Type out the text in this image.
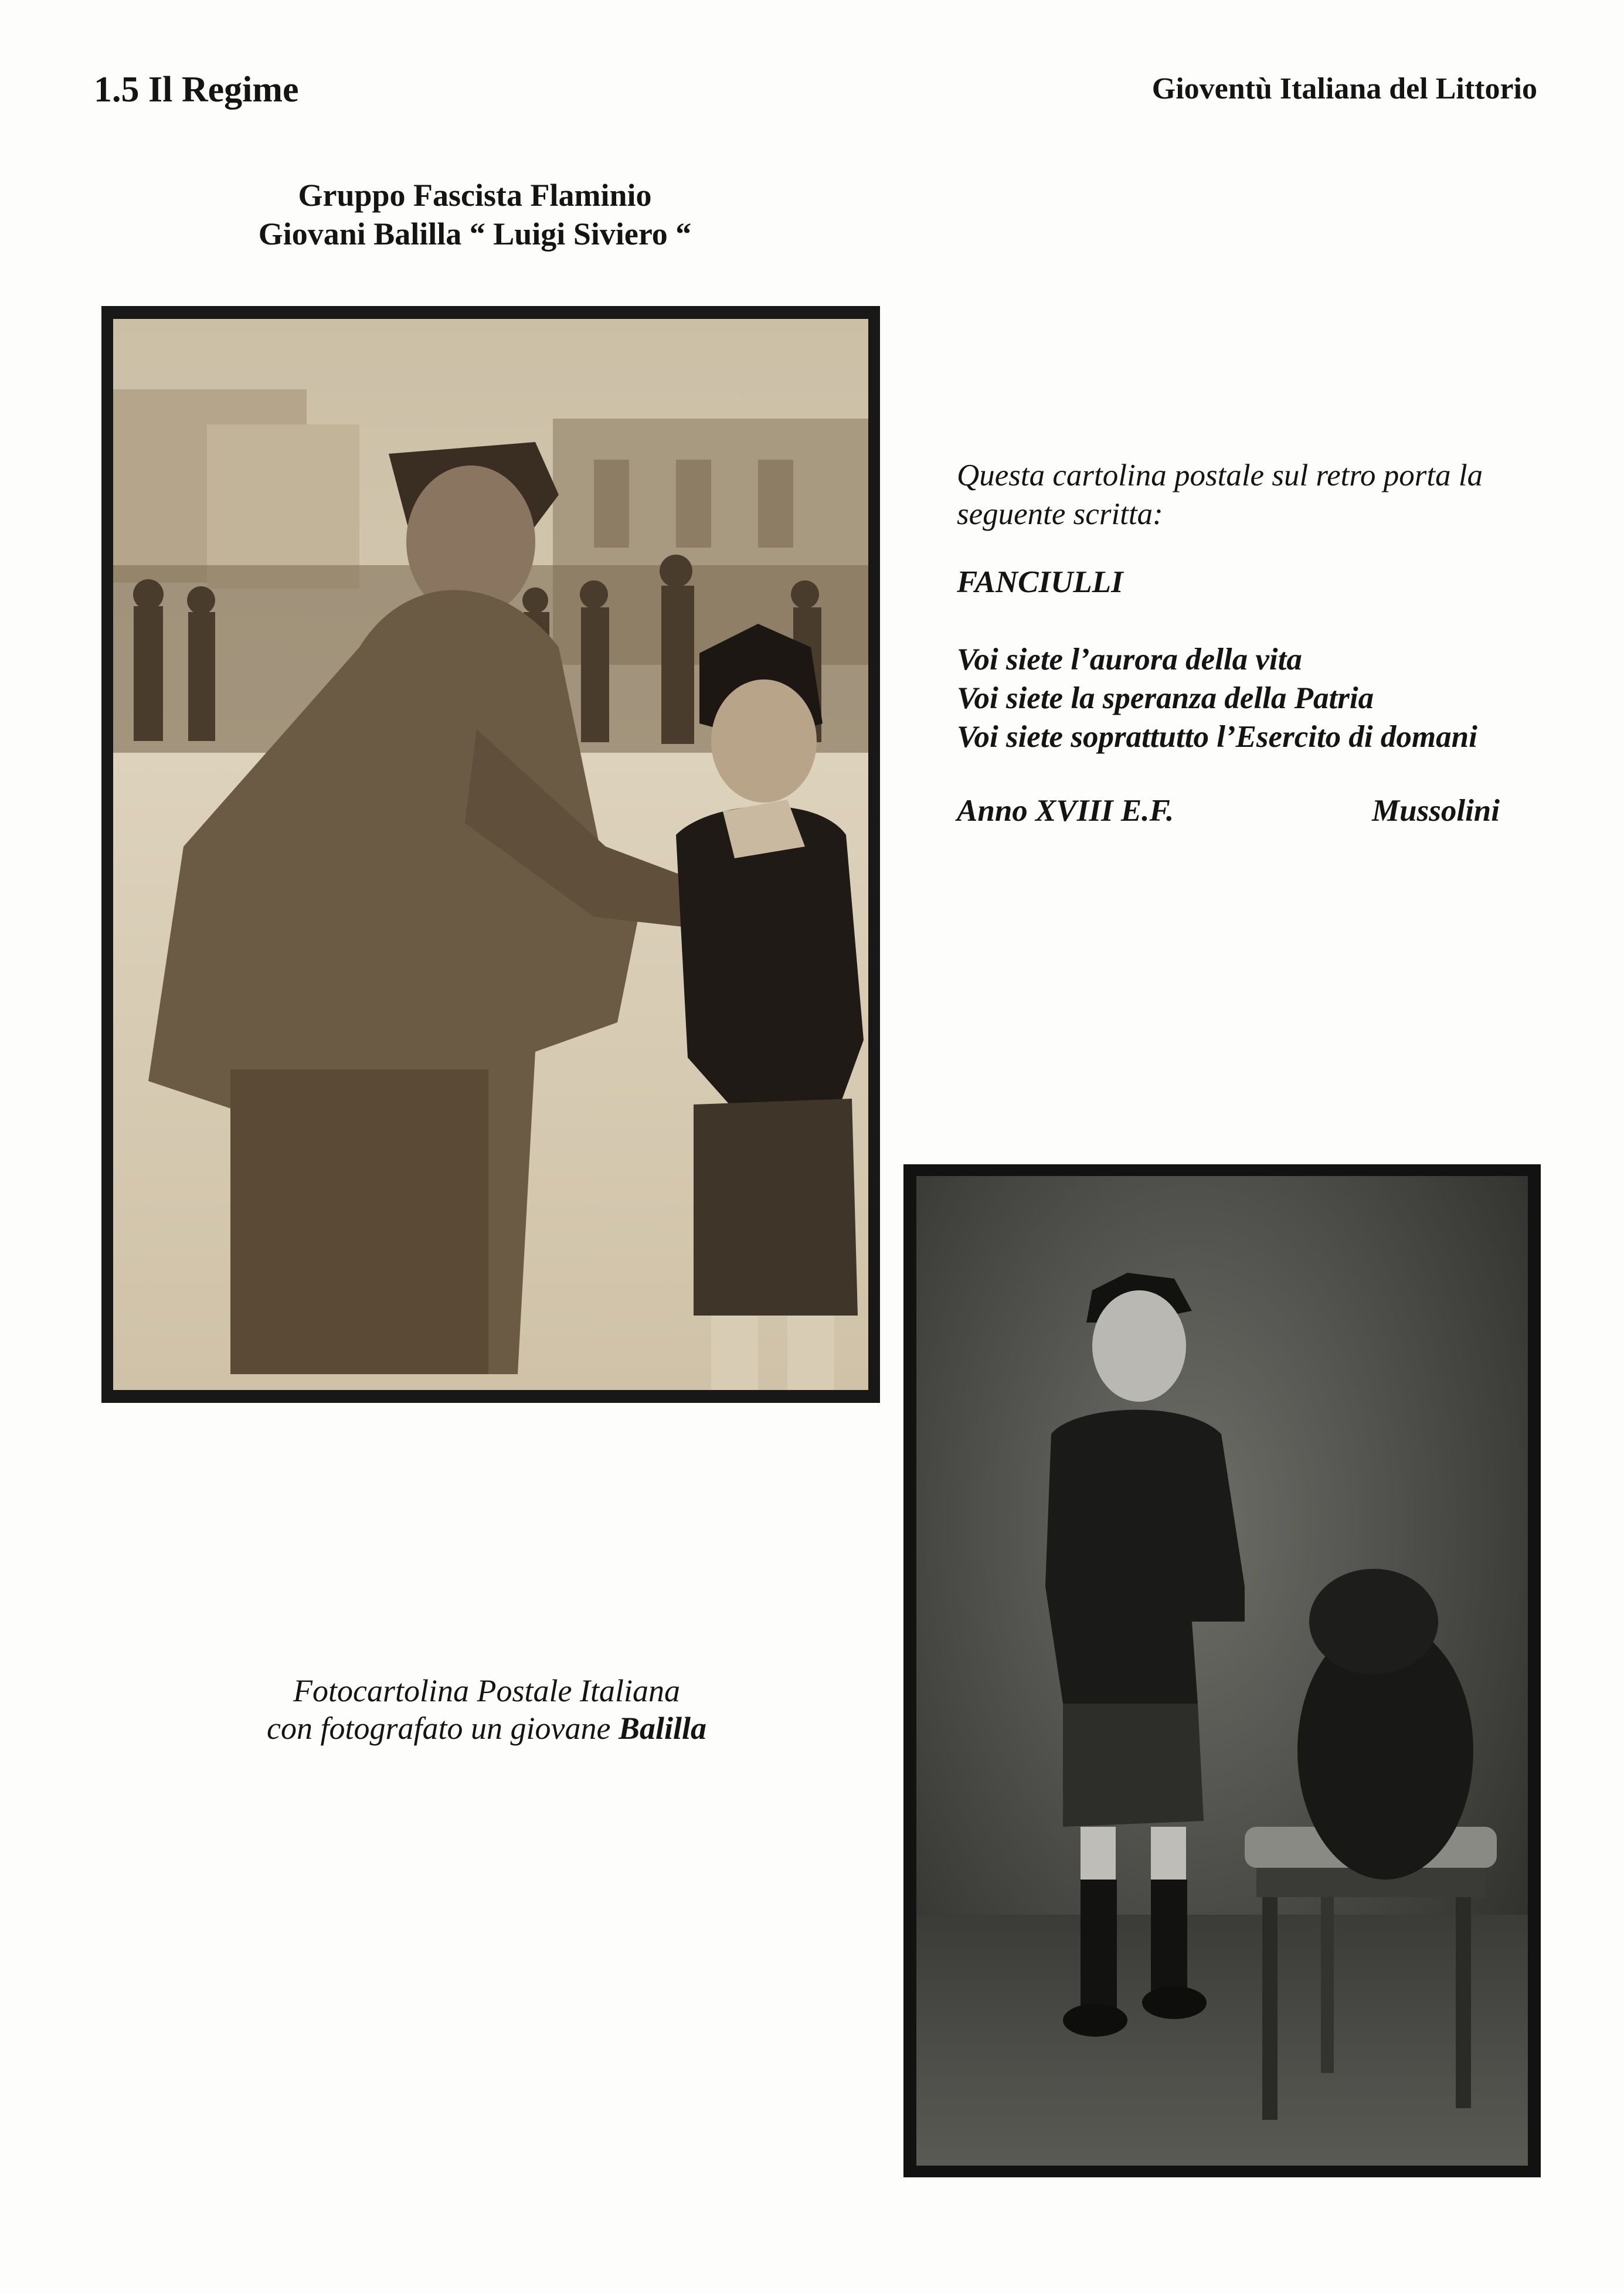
1.5 Il Regime	Gioventù Italiana del Littorio
Gruppo Fascista Flaminio
Giovani Balilla “ Luigi Siviero “

Questa cartolina postale sul retro porta la seguente scritta:

FANCIULLI
Voi siete l’aurora della vita
Voi siete la speranza della Patria
Voi siete soprattutto l’Esercito di domani
Anno XVIII E.F.	Mussolini
Fotocartolina Postale Italiana
con fotografato un giovane Balilla
